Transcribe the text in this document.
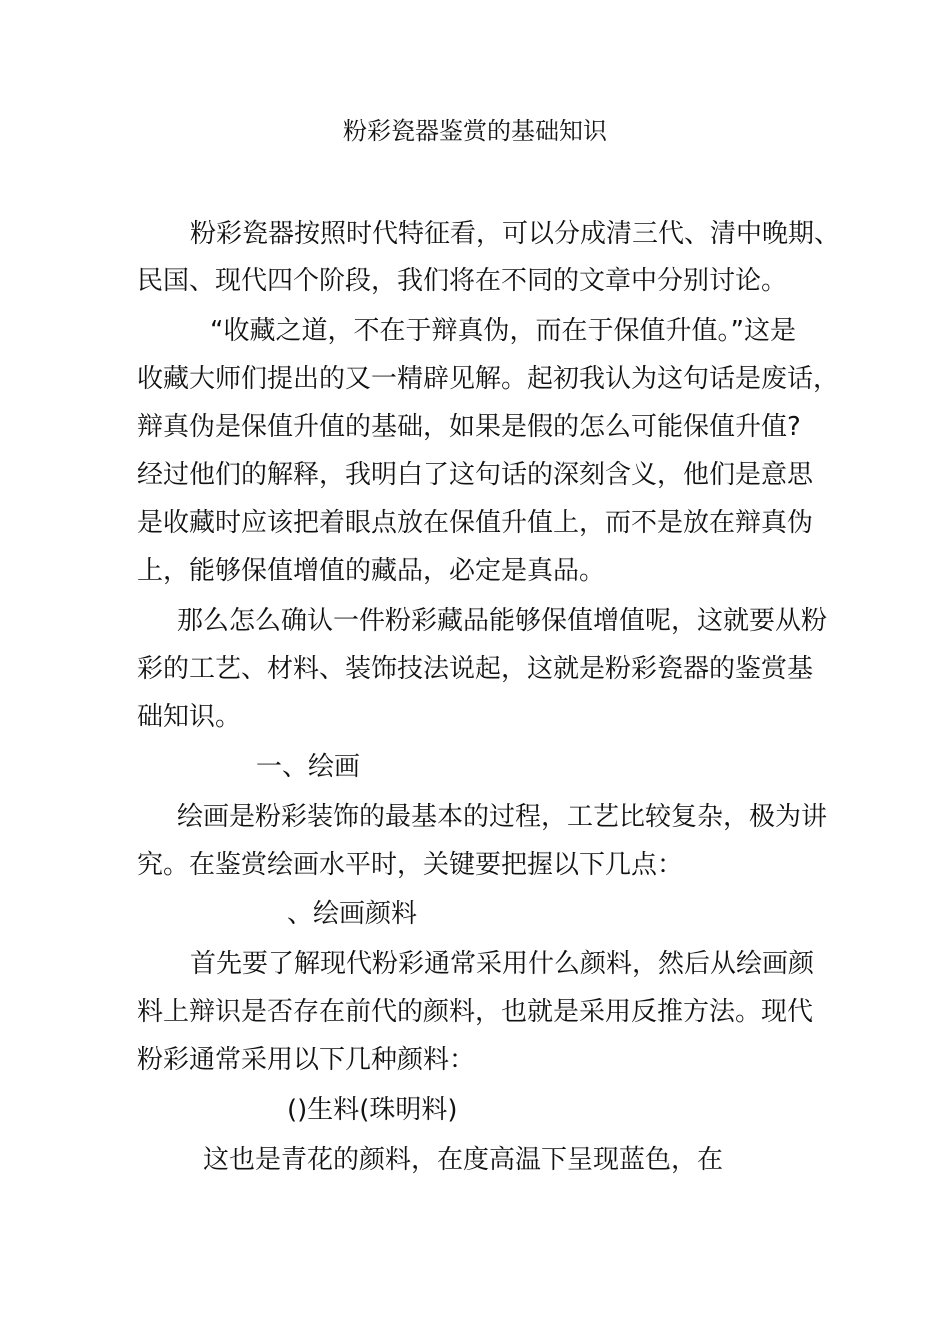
粉彩瓷器鉴赏的基础知识
粉彩瓷器按照时代特征看，可以分成清三代、清中晚期、
民国、现代四个阶段，我们将在不同的文章中分别讨论。
“收藏之道，不在于辩真伪，而在于保值升值。”这是
收藏大师们提出的又一精辟见解。起初我认为这句话是废话，
辩真伪是保值升值的基础，如果是假的怎么可能保值升值?
经过他们的解释，我明白了这句话的深刻含义，他们是意思
是收藏时应该把着眼点放在保值升值上，而不是放在辩真伪
上，能够保值增值的藏品，必定是真品。
那么怎么确认一件粉彩藏品能够保值增值呢，这就要从粉
彩的工艺、材料、装饰技法说起，这就是粉彩瓷器的鉴赏基
础知识。
一、绘画
绘画是粉彩装饰的最基本的过程，工艺比较复杂，极为讲
究。在鉴赏绘画水平时，关键要把握以下几点：
、绘画颜料
首先要了解现代粉彩通常采用什么颜料，然后从绘画颜
料上辩识是否存在前代的颜料，也就是采用反推方法。现代
粉彩通常采用以下几种颜料：
()生料(珠明料)
这也是青花的颜料，在度高温下呈现蓝色，在
